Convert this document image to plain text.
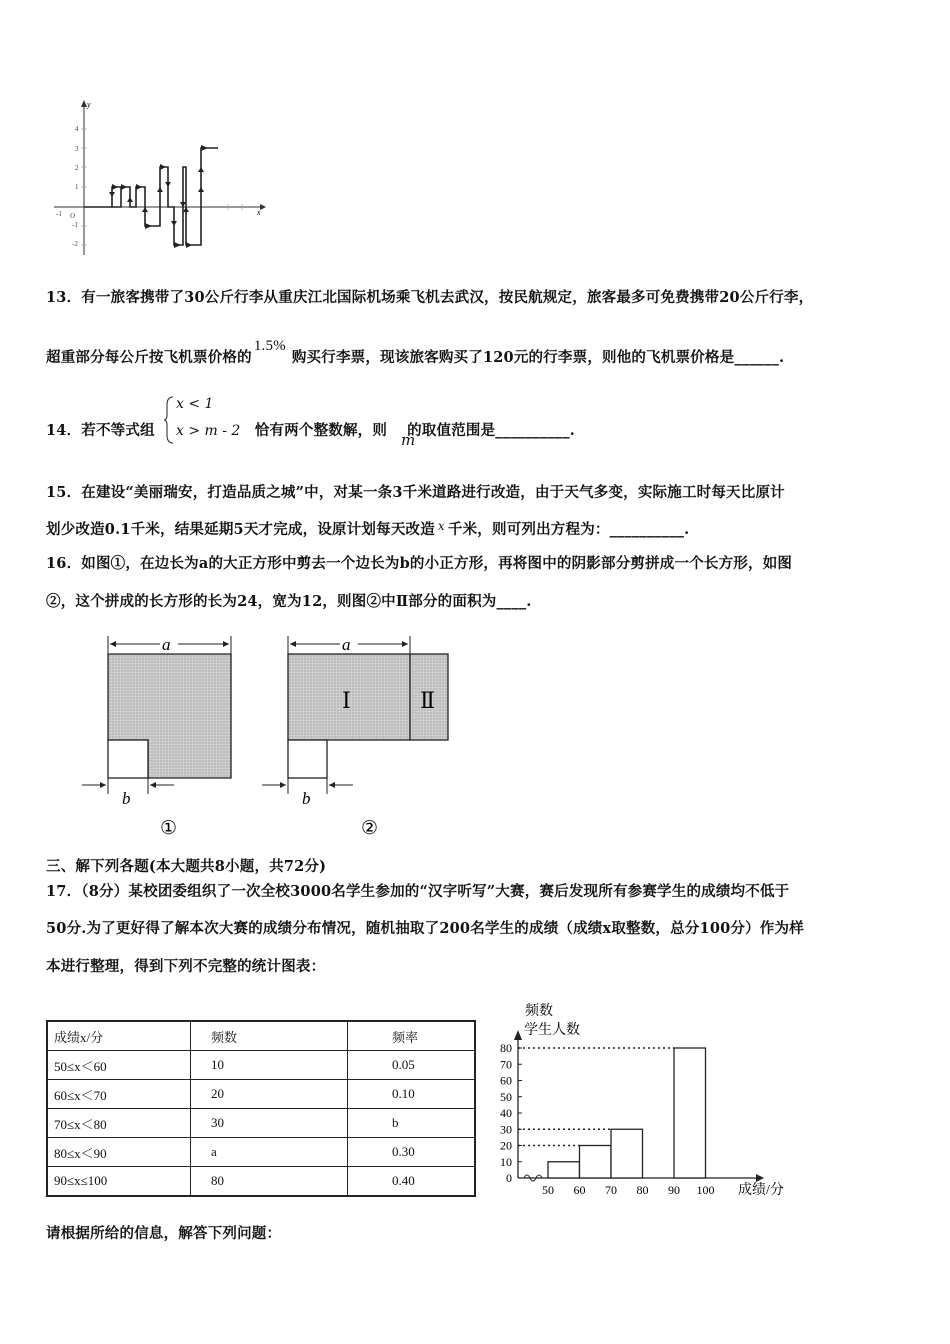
y
x
4
3
2
1
-1
-2
-1 O
13．有一旅客携带了30公斤行李从重庆江北国际机场乘飞机去武汉，按民航规定，旅客最多可免费携带20公斤行李，
超重部分每公斤按飞机票价格的1.5%购买行李票，现该旅客购买了120元的行李票，则他的飞机票价格是______.
14．若不等式组	恰有两个整数解，则 的取值范围是__________.
x < 1
x > m - 2	m
15．在建设“美丽瑞安，打造品质之城”中，对某一条3千米道路进行改造，由于天气多变，实际施工时每天比原计
划少改造0.1千米，结果延期5天才完成，设原计划每天改造 $^x$ 千米，则可列出方程为：__________.
16．如图①，在边长为a的大正方形中剪去一个边长为b的小正方形，再将图中的阴影部分剪拼成一个长方形，如图
②，这个拼成的长方形的长为24，宽为12，则图②中Ⅱ部分的面积为____.
a
b
①
Ⅰ	Ⅱ
a
b
②
三、解下列各题(本大题共8小题，共72分)
17．（8分）某校团委组织了一次全校3000名学生参加的“汉字听写”大赛，赛后发现所有参赛学生的成绩均不低于
50分.为了更好得了解本次大赛的成绩分布情况，随机抽取了200名学生的成绩（成绩x取整数，总分100分）作为样
本进行整理，得到下列不完整的统计图表：
成绩x/分	频数	频率
50≤x＜60	10	0.05
60≤x＜70	20	0.10
70≤x＜80	30	b
80≤x＜90	a	0.30
90≤x≤100	80	0.40
频数
学生人数
成绩/分
0
10
20
30
40
50
60
70
80
50 60 70 80 90 100
请根据所给的信息，解答下列问题：
